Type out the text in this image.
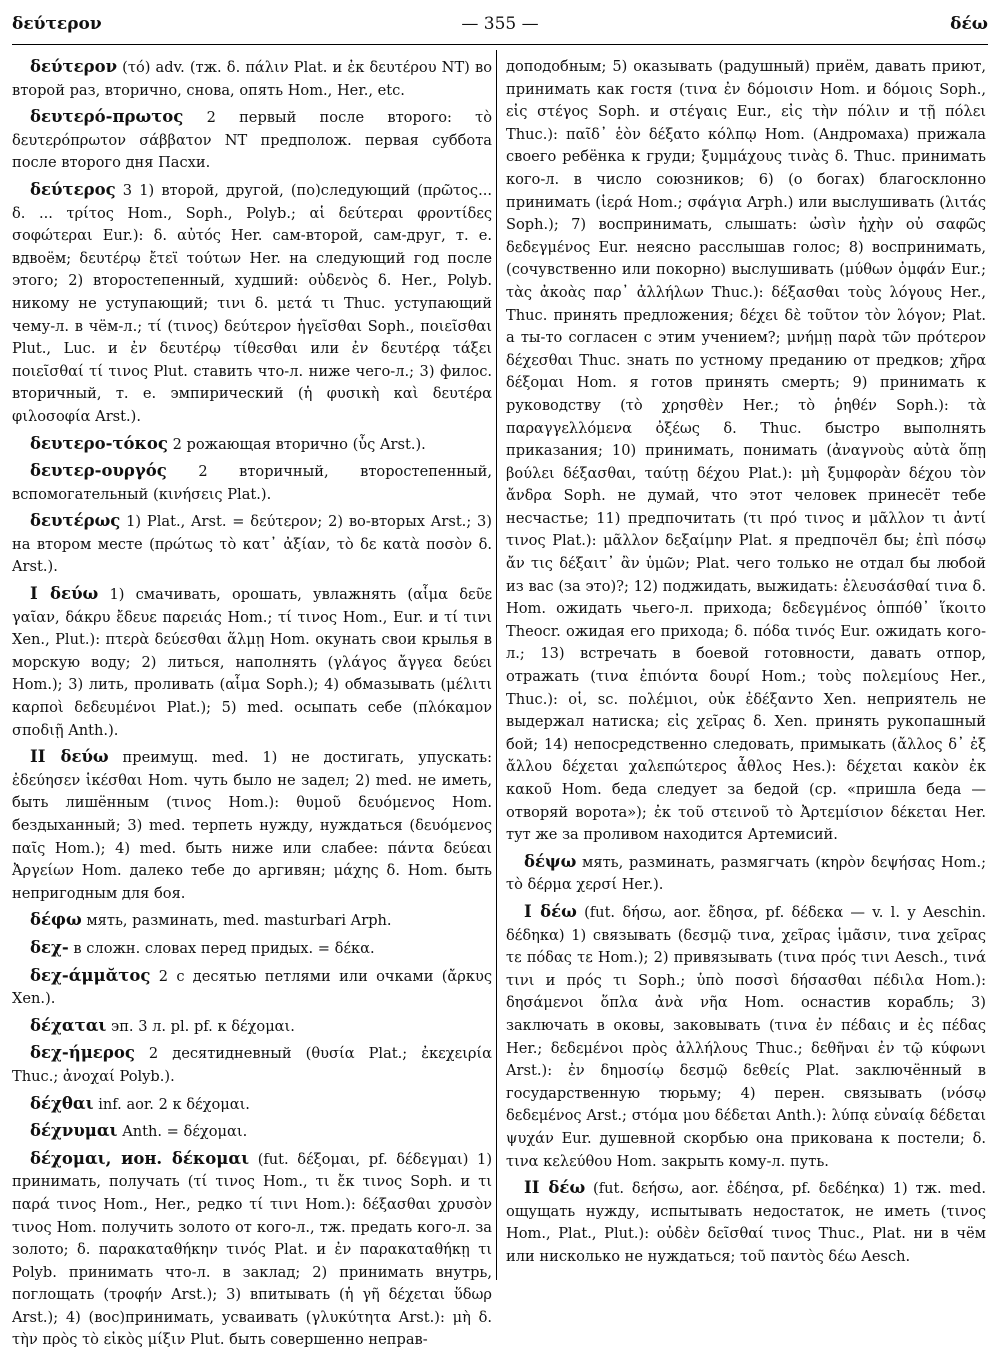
δεύτερον	— 355 —	δέω

δεύτερον (τό) adv. (тж. δ. πάλιν Plat. и ἐκ δευτέρου NT) во второй раз, вторично, снова, опять Hom., Her., etc.

δευτερό-πρωτος 2 первый после второго: τὸ δευτερόπρωτον σάββατον NT предполож. первая суббота после второго дня Пасхи.

δεύτερος 3 1) второй, другой, (по)следующий (πρῶτος... δ. ... τρίτος Hom., Soph., Polyb.; αἱ δεύτεραι φροντίδες σοφώτεραι Eur.): δ. αὐτός Her. сам-второй, сам-друг, т. е. вдвоём; δευτέρῳ ἔτεϊ τούτων Her. на следующий год после этого; 2) второстепенный, худший: οὐδενὸς δ. Her., Polyb. никому не уступающий; τινι δ. μετά τι Thuc. уступающий чему-л. в чём-л.; τί (τινος) δεύτερον ἡγεῖσθαι Soph., ποιεῖσθαι Plut., Luc. и ἐν δευτέρῳ τίθεσθαι или ἐν δευτέρᾳ τάξει ποιεῖσθαί τί τινος Plut. ставить что-л. ниже чего-л.; 3) филос. вторичный, т. е. эмпирический (ἡ φυσικὴ καὶ δευτέρα φιλοσοφία Arst.).

δευτερο-τόκος 2 рожающая вторично (ὗς Arst.).

δευτερ-ουργός 2 вторичный, второстепенный, вспомогательный (κινήσεις Plat.).

δευτέρως 1) Plat., Arst. = δεύτερον; 2) во-вторых Arst.; 3) на втором месте (πρώτως τὸ κατ᾽ ἀξίαν, τὸ δε κατὰ ποσὸν δ. Arst.).

I δεύω 1) смачивать, орошать, увлажнять (αἷμα δεῦε γαῖαν, δάκρυ ἔδευε παρειάς Hom.; τί τινος Hom., Eur. и τί τινι Xen., Plut.): πτερὰ δεύεσθαι ἅλμῃ Hom. окунать свои крылья в морскую воду; 2) литься, наполнять (γλάγος ἄγγεα δεύει Hom.); 3) лить, проливать (αἷμα Soph.); 4) обмазывать (μέλιτι καρποὶ δεδευμένοι Plat.); 5) med. осыпать себе (πλόκαμον σποδιῇ Anth.).

II δεύω преимущ. med. 1) не достигать, упускать: ἐδεύησεν ἱκέσθαι Hom. чуть было не задел; 2) med. не иметь, быть лишённым (τινος Hom.): θυμοῦ δευόμενος Hom. бездыханный; 3) med. терпеть нужду, нуждаться (δευόμενος παῖς Hom.); 4) med. быть ниже или слабее: πάντα δεύεαι Ἀργείων Hom. далеко тебе до аргивян; μάχης δ. Hom. быть непригодным для боя.

δέφω мять, разминать, med. masturbari Arph.

δεχ- в сложн. словах перед придых. = δέκα.

δεχ-άμμᾰτος 2 с десятью петлями или очками (ἄρκυς Xen.).

δέχαται эп. 3 л. pl. pf. к δέχομαι.

δεχ-ήμερος 2 десятидневный (θυσία Plat.; ἐκεχειρία Thuc.; ἀνοχαί Polyb.).

δέχθαι inf. aor. 2 к δέχομαι.

δέχνυμαι Anth. = δέχομαι.

δέχομαι, ион. δέκομαι (fut. δέξομαι, pf. δέδεγμαι) 1) принимать, получать (τί τινος Hom., τι ἔκ τινος Soph. и τι παρά τινος Hom., Her., редко τί τινι Hom.): δέξασθαι χρυσὸν τινος Hom. получить золото от кого-л., тж. предать кого-л. за золото; δ. παρακαταθήκην τινός Plat. и ἐν παρακαταθήκῃ τι Polyb. принимать что-л. в заклад; 2) принимать внутрь, поглощать (τροφήν Arst.); 3) впитывать (ἡ γῆ δέχεται ὕδωρ Arst.); 4) (вос)принимать, усваивать (γλυκύτητα Arst.): μὴ δ. τὴν πρὸς τὸ εἰκὸς μίξιν Plut. быть совершенно неправ-

доподобным; 5) оказывать (радушный) приём, давать приют, принимать как гостя (τινα ἐν δόμοισιν Hom. и δόμοις Soph., εἰς στέγος Soph. и στέγαις Eur., εἰς τὴν πόλιν и τῇ πόλει Thuc.): παῖδ᾽ ἑὸν δέξατο κόλπῳ Hom. (Андромаха) прижала своего ребёнка к груди; ξυμμάχους τινὰς δ. Thuc. принимать кого-л. в число союзников; 6) (о богах) благосклонно принимать (ἱερά Hom.; σφάγια Arph.) или выслушивать (λιτάς Soph.); 7) воспринимать, слышать: ὠσὶν ἠχὴν οὐ σαφῶς δεδεγμένος Eur. неясно расслышав голос; 8) воспринимать, (сочувственно или покорно) выслушивать (μύθων ὀμφάν Eur.; τὰς ἀκοὰς παρ᾽ ἀλλήλων Thuc.): δέξασθαι τοὺς λόγους Her., Thuc. принять предложения; δέχει δὲ τοῦτον τὸν λόγον; Plat. а ты-то согласен с этим учением?; μνήμῃ παρὰ τῶν πρότερον δέχεσθαι Thuc. знать по устному преданию от предков; χῆρα δέξομαι Hom. я готов принять смерть; 9) принимать к руководству (τὸ χρησθὲν Her.; τὸ ῥηθέν Soph.): τὰ παραγγελλόμενα ὀξέως δ. Thuc. быстро выполнять приказания; 10) принимать, понимать (ἀναγνοὺς αὐτὰ ὅπῃ βούλει δέξασθαι, ταύτῃ δέχου Plat.): μὴ ξυμφορὰν δέχου τὸν ἄνδρα Soph. не думай, что этот человек принесёт тебе несчастье; 11) предпочитать (τι πρό τινος и μᾶλλον τι ἀντί τινος Plat.): μᾶλλον δεξαίμην Plat. я предпочёл бы; ἐπὶ πόσῳ ἄν τις δέξαιτ᾽ ἂν ὑμῶν; Plat. чего только не отдал бы любой из вас (за это)?; 12) поджидать, выжидать: ἐλευσάσθαί τινα δ. Hom. ожидать чьего-л. прихода; δεδεγμένος ὁππόθ᾽ ἵκοιτο Theocr. ожидая его прихода; δ. πόδα τινός Eur. ожидать кого-л.; 13) встречать в боевой готовности, давать отпор, отражать (τινα ἐπιόντα δουρί Hom.; τοὺς πολεμίους Her., Thuc.): οἱ, sc. πολέμιοι, οὐκ ἐδέξαντο Xen. неприятель не выдержал натиска; εἰς χεῖρας δ. Xen. принять рукопашный бой; 14) непосредственно следовать, примыкать (ἄλλος δ᾽ ἐξ ἄλλου δέχεται χαλεπώτερος ἆθλος Hes.): δέχεται κακὸν ἐκ κακοῦ Hom. беда следует за бедой (ср. «пришла беда — отворяй ворота»); ἐκ τοῦ στεινοῦ τὸ Ἀρτεμίσιον δέκεται Her. тут же за проливом находится Артемисий.

δέψω мять, разминать, размягчать (κηρὸν δεψήσας Hom.; τὸ δέρμα χερσί Her.).

I δέω (fut. δήσω, aor. ἔδησα, pf. δέδεκα — v. l. у Aeschin. δέδηκα) 1) связывать (δεσμῷ τινα, χεῖρας ἱμᾶσιν, τινα χεῖρας τε πόδας τε Hom.); 2) привязывать (τινα πρός τινι Aesch., τινά τινι и πρός τι Soph.; ὑπὸ ποσσὶ δήσασθαι πέδιλα Hom.): δησάμενοι ὅπλα ἀνὰ νῆα Hom. оснастив корабль; 3) заключать в оковы, заковывать (τινα ἐν πέδαις и ἐς πέδας Her.; δεδεμένοι πρὸς ἀλλήλους Thuc.; δεθῆναι ἐν τῷ κύφωνι Arst.): ἐν δημοσίῳ δεσμῷ δεθείς Plat. заключённый в государственную тюрьму; 4) перен. связывать (νόσῳ δεδεμένος Arst.; στόμα μου δέδεται Anth.): λύπᾳ εὐναίᾳ δέδεται ψυχάν Eur. душевной скорбью она прикована к постели; δ. τινα κελεύθου Hom. закрыть кому-л. путь.

II δέω (fut. δεήσω, aor. ἐδέησα, pf. δεδέηκα) 1) тж. med. ощущать нужду, испытывать недостаток, не иметь (τινος Hom., Plat., Plut.): οὐδὲν δεῖσθαί τινος Thuc., Plat. ни в чём или нисколько не нуждаться; τοῦ παντὸς δέω Aesch.
